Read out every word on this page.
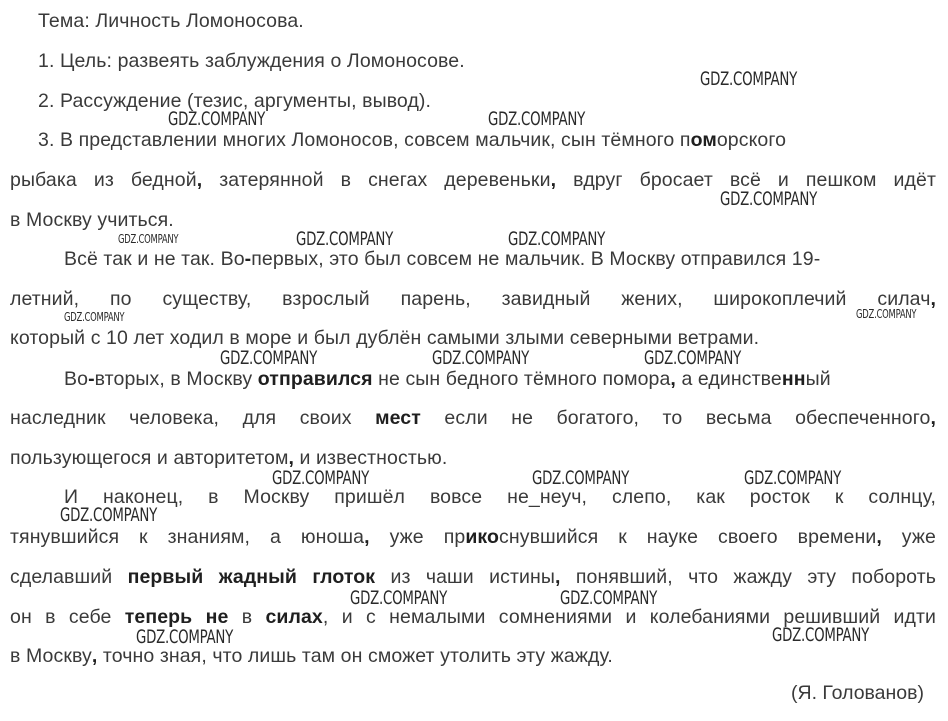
Тема: Личность Ломоносова.
1. Цель: развеять заблуждения о Ломоносове.
2. Рассуждение (тезис, аргументы, вывод).
3. В представлении многих Ломоносов, совсем мальчик, сын тёмного поморского
рыбака из бедной, затерянной в снегах деревеньки, вдруг бросает всё и пешком идёт
в Москву учиться.
Всё так и не так. Во-первых, это был совсем не мальчик. В Москву отправился 19-
летний, по существу, взрослый парень, завидный жених, широкоплечий силач,
который с 10 лет ходил в море и был дублён самыми злыми северными ветрами.
Во-вторых, в Москву отправился не сын бедного тёмного помора, а единственный
наследник человека, для своих мест если не богатого, то весьма обеспеченного,
пользующегося и авторитетом, и известностью.
И наконец, в Москву пришёл вовсе не_неуч, слепо, как росток к солнцу,
тянувшийся к знаниям, а юноша, уже прикоснувшийся к науке своего времени, уже
сделавший первый жадный глоток из чаши истины, понявший, что жажду эту побороть
он в себе теперь не в силах, и с немалыми сомнениями и колебаниями решивший идти
в Москву, точно зная, что лишь там он сможет утолить эту жажду.
(Я. Голованов)
GDZ.COMPANY
GDZ.COMPANY	GDZ.COMPANY
GDZ.COMPANY
GDZ.COMPANY	GDZ.COMPANY	GDZ.COMPANY
GDZ.COMPANY	GDZ.COMPANY
GDZ.COMPANY	GDZ.COMPANY	GDZ.COMPANY
GDZ.COMPANY	GDZ.COMPANY	GDZ.COMPANY
GDZ.COMPANY
GDZ.COMPANY	GDZ.COMPANY
GDZ.COMPANY
GDZ.COMPANY
